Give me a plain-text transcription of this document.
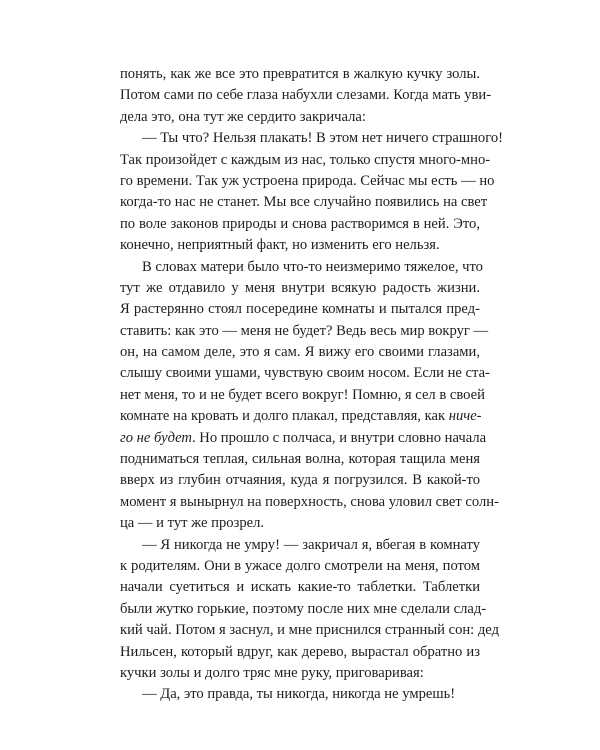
понять, как же все это превратится в жалкую кучку золы.
Потом сами по себе глаза набухли слезами. Когда мать уви-
дела это, она тут же сердито закричала:
— Ты что? Нельзя плакать! В этом нет ничего страшного!
Так произойдет с каждым из нас, только спустя много-мно-
го времени. Так уж устроена природа. Сейчас мы есть — но
когда-то нас не станет. Мы все случайно появились на свет
по воле законов природы и снова растворимся в ней. Это,
конечно, неприятный факт, но изменить его нельзя.
В словах матери было что-то неизмеримо тяжелое, что
тут же отдавило у меня внутри всякую радость жизни.
Я растерянно стоял посередине комнаты и пытался пред-
ставить: как это — меня не будет? Ведь весь мир вокруг —
он, на самом деле, это я сам. Я вижу его своими глазами,
слышу своими ушами, чувствую своим носом. Если не ста-
нет меня, то и не будет всего вокруг! Помню, я сел в своей
комнате на кровать и долго плакал, представляя, как ниче-
го не будет. Но прошло с полчаса, и внутри словно начала
подниматься теплая, сильная волна, которая тащила меня
вверх из глубин отчаяния, куда я погрузился. В какой-то
момент я вынырнул на поверхность, снова уловил свет солн-
ца — и тут же прозрел.
— Я никогда не умру! — закричал я, вбегая в комнату
к родителям. Они в ужасе долго смотрели на меня, потом
начали суетиться и искать какие-то таблетки. Таблетки
были жутко горькие, поэтому после них мне сделали слад-
кий чай. Потом я заснул, и мне приснился странный сон: дед
Нильсен, который вдруг, как дерево, вырастал обратно из
кучки золы и долго тряс мне руку, приговаривая:
— Да, это правда, ты никогда, никогда не умрешь!
